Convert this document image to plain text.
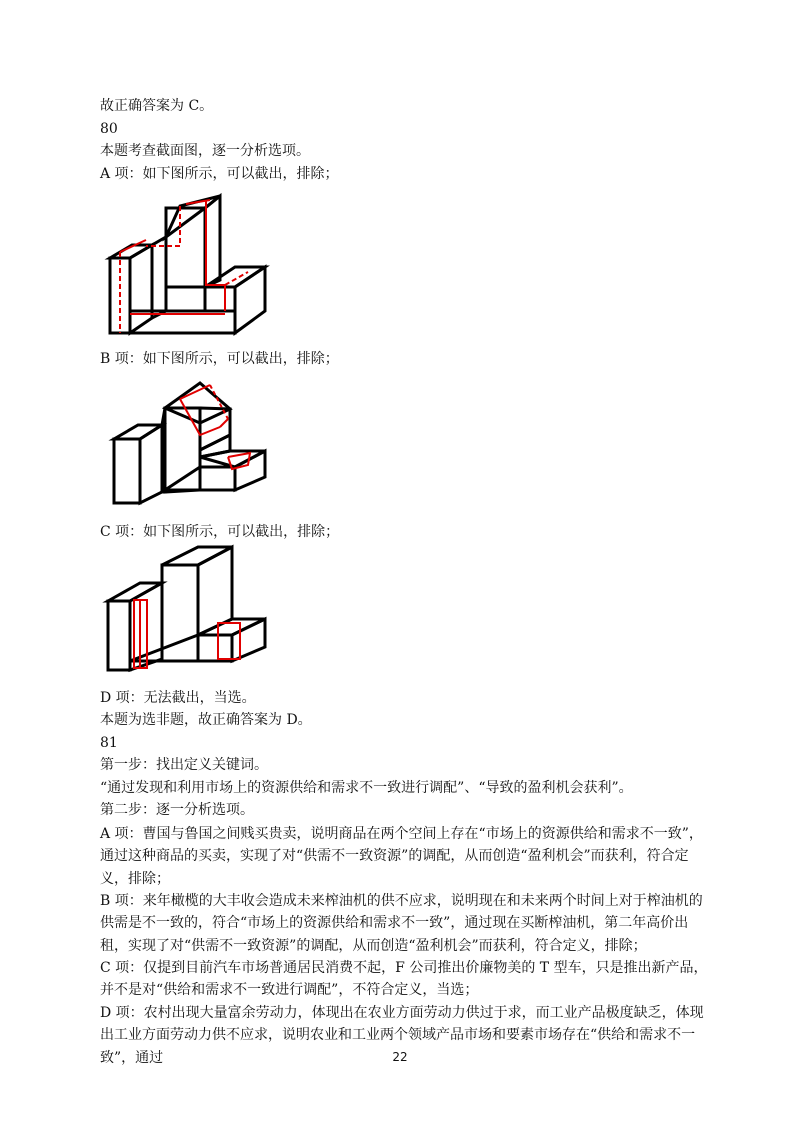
故正确答案为 C。
80
本题考查截面图，逐一分析选项。
A 项：如下图所示，可以截出，排除；
B 项：如下图所示，可以截出，排除；
C 项：如下图所示，可以截出，排除；
D 项：无法截出，当选。
本题为选非题，故正确答案为 D。
81
第一步：找出定义关键词。
“通过发现和利用市场上的资源供给和需求不一致进行调配”、“导致的盈利机会获利”。
第二步：逐一分析选项。
A 项：曹国与鲁国之间贱买贵卖，说明商品在两个空间上存在“市场上的资源供给和需求不一致”，通过这种商品的买卖，实现了对“供需不一致资源”的调配，从而创造“盈利机会”而获利，符合定义，排除；
B 项：来年橄榄的大丰收会造成未来榨油机的供不应求，说明现在和未来两个时间上对于榨油机的供需是不一致的，符合“市场上的资源供给和需求不一致”，通过现在买断榨油机，第二年高价出租，实现了对“供需不一致资源”的调配，从而创造“盈利机会”而获利，符合定义，排除；
C 项：仅提到目前汽车市场普通居民消费不起，F 公司推出价廉物美的 T 型车，只是推出新产品，并不是对“供给和需求不一致进行调配”，不符合定义，当选；
D 项：农村出现大量富余劳动力，体现出在农业方面劳动力供过于求，而工业产品极度缺乏，体现出工业方面劳动力供不应求，说明农业和工业两个领域产品市场和要素市场存在“供给和需求不一致”，通过	22
